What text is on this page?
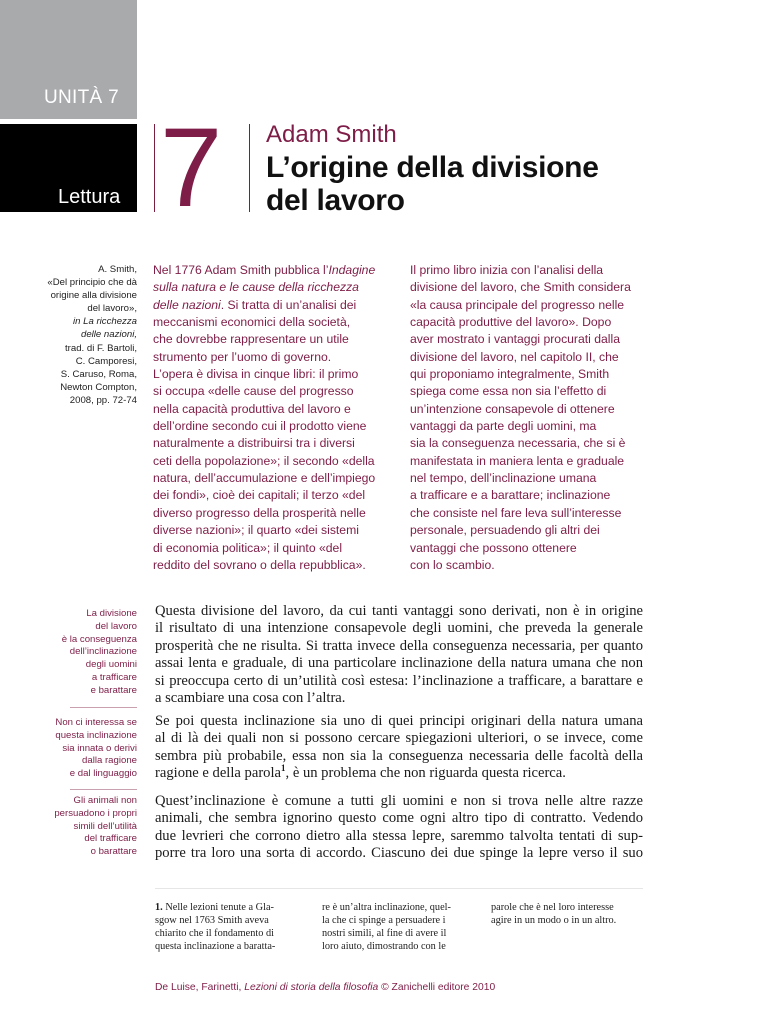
UNITÀ 7
Lettura 7 Adam Smith
L’origine della divisione
del lavoro
A. Smith,
«Del principio che dà
origine alla divisione
del lavoro»,
in La ricchezza
delle nazioni,
trad. di F. Bartoli,
C. Camporesi,
S. Caruso, Roma,
Newton Compton,
2008, pp. 72-74
Nel 1776 Adam Smith pubblica l’Indagine
sulla natura e le cause della ricchezza
delle nazioni. Si tratta di un’analisi dei
meccanismi economici della società,
che dovrebbe rappresentare un utile
strumento per l’uomo di governo.
L’opera è divisa in cinque libri: il primo
si occupa «delle cause del progresso
nella capacità produttiva del lavoro e
dell’ordine secondo cui il prodotto viene
naturalmente a distribuirsi tra i diversi
ceti della popolazione»; il secondo «della
natura, dell’accumulazione e dell’impiego
dei fondi», cioè dei capitali; il terzo «del
diverso progresso della prosperità nelle
diverse nazioni»; il quarto «dei sistemi
di economia politica»; il quinto «del
reddito del sovrano o della repubblica».
Il primo libro inizia con l’analisi della
divisione del lavoro, che Smith considera
«la causa principale del progresso nelle
capacità produttive del lavoro». Dopo
aver mostrato i vantaggi procurati dalla
divisione del lavoro, nel capitolo II, che
qui proponiamo integralmente, Smith
spiega come essa non sia l’effetto di
un’intenzione consapevole di ottenere
vantaggi da parte degli uomini, ma
sia la conseguenza necessaria, che si è
manifestata in maniera lenta e graduale
nel tempo, dell’inclinazione umana
a trafficare e a barattare; inclinazione
che consiste nel fare leva sull’interesse
personale, persuadendo gli altri dei
vantaggi che possono ottenere
con lo scambio.
La divisione
del lavoro
è la conseguenza
dell’inclinazione
degli uomini
a trafficare
e barattare
Non ci interessa se
questa inclinazione
sia innata o derivi
dalla ragione
e dal linguaggio
Gli animali non
persuadono i propri
simili dell’utilità
del trafficare
o barattare
Questa divisione del lavoro, da cui tanti vantaggi sono derivati, non è in origine
il risultato di una intenzione consapevole degli uomini, che preveda la generale
prosperità che ne risulta. Si tratta invece della conseguenza necessaria, per quanto
assai lenta e graduale, di una particolare inclinazione della natura umana che non
si preoccupa certo di un’utilità così estesa: l’inclinazione a trafficare, a barattare e
a scambiare una cosa con l’altra.
Se poi questa inclinazione sia uno di quei principi originari della natura umana
al di là dei quali non si possono cercare spiegazioni ulteriori, o se invece, come
sembra più probabile, essa non sia la conseguenza necessaria delle facoltà della
ragione e della parola$^1$, è un problema che non riguarda questa ricerca.
Quest’inclinazione è comune a tutti gli uomini e non si trova nelle altre razze
animali, che sembra ignorino questo come ogni altro tipo di contratto. Vedendo
due levrieri che corrono dietro alla stessa lepre, saremmo talvolta tentati di sup-
porre tra loro una sorta di accordo. Ciascuno dei due spinge la lepre verso il suo
1. Nelle lezioni tenute a Gla-
sgow nel 1763 Smith aveva
chiarito che il fondamento di
questa inclinazione a baratta-
re è un’altra inclinazione, quel-
la che ci spinge a persuadere i
nostri simili, al fine di avere il
loro aiuto, dimostrando con le
parole che è nel loro interesse
agire in un modo o in un altro.
De Luise, Farinetti, Lezioni di storia della filosofia © Zanichelli editore 2010
